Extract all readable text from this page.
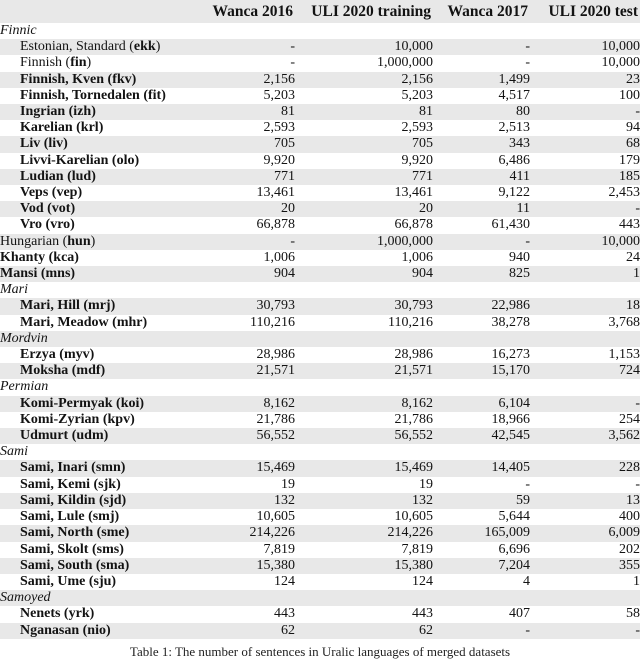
	Wanca 2016	ULI 2020 training	Wanca 2017	ULI 2020 test
Finnic				
Estonian, Standard (ekk)	-	10,000	-	10,000
Finnish (fin)	-	1,000,000	-	10,000
Finnish, Kven (fkv)	2,156	2,156	1,499	23
Finnish, Tornedalen (fit)	5,203	5,203	4,517	100
Ingrian (izh)	81	81	80	-
Karelian (krl)	2,593	2,593	2,513	94
Liv (liv)	705	705	343	68
Livvi-Karelian (olo)	9,920	9,920	6,486	179
Ludian (lud)	771	771	411	185
Veps (vep)	13,461	13,461	9,122	2,453
Vod (vot)	20	20	11	-
Vro (vro)	66,878	66,878	61,430	443
Hungarian (hun)	-	1,000,000	-	10,000
Khanty (kca)	1,006	1,006	940	24
Mansi (mns)	904	904	825	1
Mari				
Mari, Hill (mrj)	30,793	30,793	22,986	18
Mari, Meadow (mhr)	110,216	110,216	38,278	3,768
Mordvin				
Erzya (myv)	28,986	28,986	16,273	1,153
Moksha (mdf)	21,571	21,571	15,170	724
Permian				
Komi-Permyak (koi)	8,162	8,162	6,104	-
Komi-Zyrian (kpv)	21,786	21,786	18,966	254
Udmurt (udm)	56,552	56,552	42,545	3,562
Sami				
Sami, Inari (smn)	15,469	15,469	14,405	228
Sami, Kemi (sjk)	19	19	-	-
Sami, Kildin (sjd)	132	132	59	13
Sami, Lule (smj)	10,605	10,605	5,644	400
Sami, North (sme)	214,226	214,226	165,009	6,009
Sami, Skolt (sms)	7,819	7,819	6,696	202
Sami, South (sma)	15,380	15,380	7,204	355
Sami, Ume (sju)	124	124	4	1
Samoyed				
Nenets (yrk)	443	443	407	58
Nganasan (nio)	62	62	-	-
Table 1: The number of sentences in Uralic languages of merged datasets
